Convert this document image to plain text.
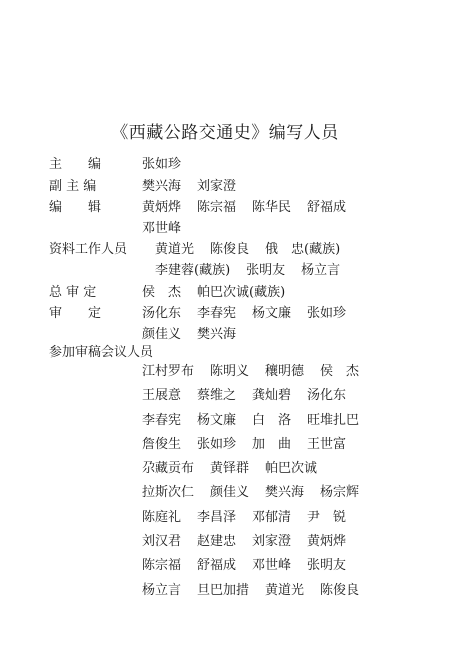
《西藏公路交通史》编写人员
主　　编	张如珍
副 主 编	樊兴海 刘家澄
编　　辑	黄炳烨 陈宗福 陈华民 舒福成
邓世峰
资料工作人员 黄道光 陈俊良 俄　忠(藏族)
李建蓉(藏族) 张明友 杨立言
总 审 定	侯　杰 帕巴次诚(藏族)
审　　定	汤化东 李春宪 杨文廉 张如珍
颜佳义 樊兴海
参加审稿会议人员
江村罗布 陈明义 穰明德 侯　杰
王展意 蔡维之 龚灿碧 汤化东
李春宪 杨文廉 白　洛 旺堆扎巴
詹俊生 张如珍 加　曲 王世富
尕藏贡布 黄铎群 帕巴次诚
拉斯次仁 颜佳义 樊兴海 杨宗辉
陈庭礼 李昌泽 邓郁清 尹　锐
刘汉君 赵建忠 刘家澄 黄炳烨
陈宗福 舒福成 邓世峰 张明友
杨立言 旦巴加措 黄道光 陈俊良
